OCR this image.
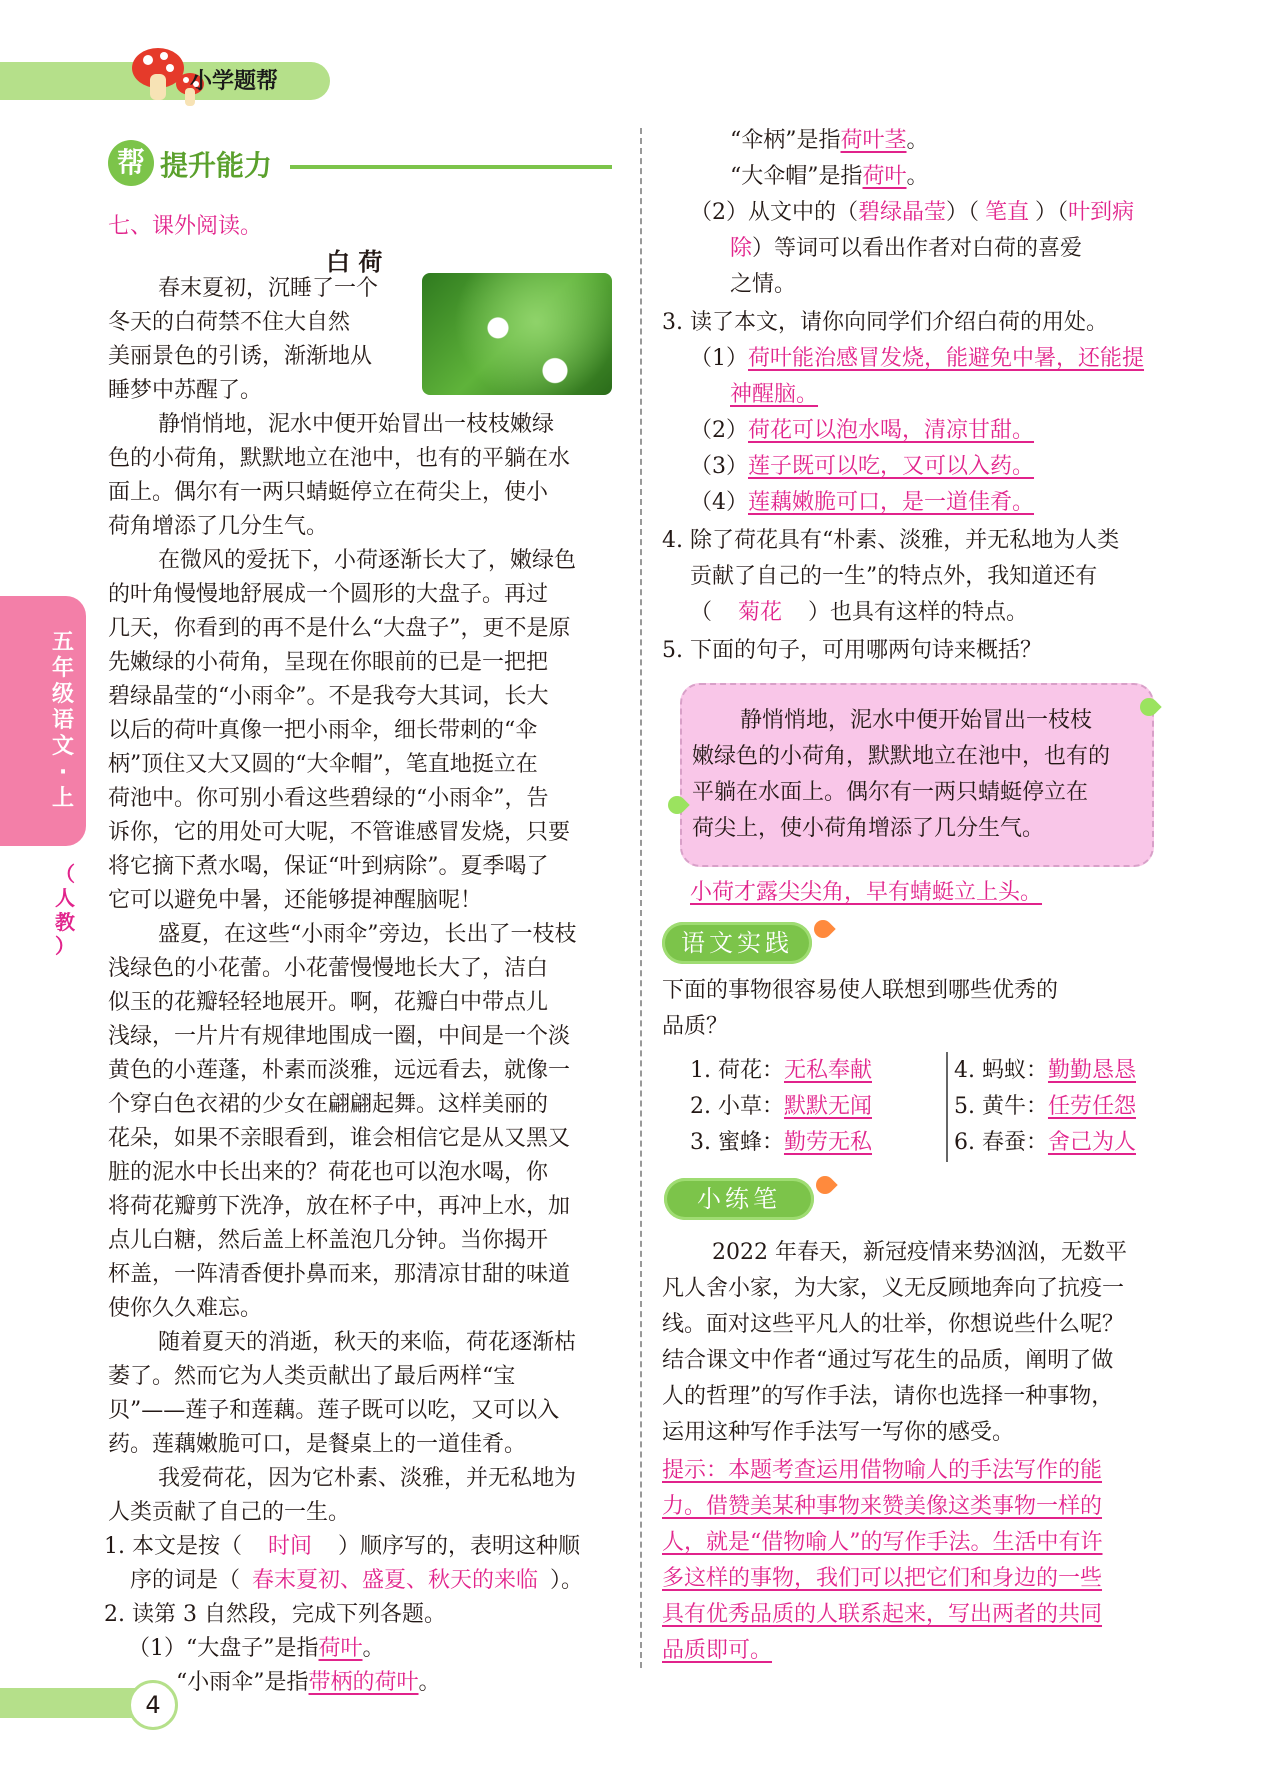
小学题帮
帮 提升能力
五
年
级
语
文
·
上
（
人
教
）
七、课外阅读。
白 荷
春末夏初，沉睡了一个
冬天的白荷禁不住大自然
美丽景色的引诱，渐渐地从
睡梦中苏醒了。
静悄悄地，泥水中便开始冒出一枝枝嫩绿
色的小荷角，默默地立在池中，也有的平躺在水
面上。偶尔有一两只蜻蜓停立在荷尖上，使小
荷角增添了几分生气。
在微风的爱抚下，小荷逐渐长大了，嫩绿色
的叶角慢慢地舒展成一个圆形的大盘子。再过
几天，你看到的再不是什么“大盘子”，更不是原
先嫩绿的小荷角，呈现在你眼前的已是一把把
碧绿晶莹的“小雨伞”。不是我夸大其词，长大
以后的荷叶真像一把小雨伞，细长带刺的“伞
柄”顶住又大又圆的“大伞帽”，笔直地挺立在
荷池中。你可别小看这些碧绿的“小雨伞”，告
诉你，它的用处可大呢，不管谁感冒发烧，只要
将它摘下煮水喝，保证“叶到病除”。夏季喝了
它可以避免中暑，还能够提神醒脑呢！
盛夏，在这些“小雨伞”旁边，长出了一枝枝
浅绿色的小花蕾。小花蕾慢慢地长大了，洁白
似玉的花瓣轻轻地展开。啊，花瓣白中带点儿
浅绿，一片片有规律地围成一圈，中间是一个淡
黄色的小莲蓬，朴素而淡雅，远远看去，就像一
个穿白色衣裙的少女在翩翩起舞。这样美丽的
花朵，如果不亲眼看到，谁会相信它是从又黑又
脏的泥水中长出来的？荷花也可以泡水喝，你
将荷花瓣剪下洗净，放在杯子中，再冲上水，加
点儿白糖，然后盖上杯盖泡几分钟。当你揭开
杯盖，一阵清香便扑鼻而来，那清凉甘甜的味道
使你久久难忘。
随着夏天的消逝，秋天的来临，荷花逐渐枯
萎了。然而它为人类贡献出了最后两样“宝
贝”——莲子和莲藕。莲子既可以吃，又可以入
药。莲藕嫩脆可口，是餐桌上的一道佳肴。
我爱荷花，因为它朴素、淡雅，并无私地为
人类贡献了自己的一生。
1. 本文是按（ 时间 ）顺序写的，表明这种顺
序的词是（ 春末夏初、盛夏、秋天的来临 ）。
2. 读第 3 自然段，完成下列各题。
（1）“大盘子”是指荷叶。
“小雨伞”是指带柄的荷叶。
“伞柄”是指荷叶茎。
“大伞帽”是指荷叶。
（2）从文中的（碧绿晶莹）（ 笔直 ）（叶到病
除）等词可以看出作者对白荷的喜爱
之情。
3. 读了本文，请你向同学们介绍白荷的用处。
（1）荷叶能治感冒发烧，能避免中暑，还能提
神醒脑。
（2）荷花可以泡水喝，清凉甘甜。
（3）莲子既可以吃，又可以入药。
（4）莲藕嫩脆可口，是一道佳肴。
4. 除了荷花具有“朴素、淡雅，并无私地为人类
贡献了自己的一生”的特点外，我知道还有
（ 菊花 ）也具有这样的特点。
5. 下面的句子，可用哪两句诗来概括？
静悄悄地，泥水中便开始冒出一枝枝
嫩绿色的小荷角，默默地立在池中，也有的
平躺在水面上。偶尔有一两只蜻蜓停立在
荷尖上，使小荷角增添了几分生气。
小荷才露尖尖角，早有蜻蜓立上头。
语文实践
下面的事物很容易使人联想到哪些优秀的
品质？
1. 荷花：无私奉献
2. 小草：默默无闻
3. 蜜蜂：勤劳无私
4. 蚂蚁：勤勤恳恳
5. 黄牛：任劳任怨
6. 春蚕：舍己为人
小练笔
2022 年春天，新冠疫情来势汹汹，无数平
凡人舍小家，为大家，义无反顾地奔向了抗疫一
线。面对这些平凡人的壮举，你想说些什么呢？
结合课文中作者“通过写花生的品质，阐明了做
人的哲理”的写作手法，请你也选择一种事物，
运用这种写作手法写一写你的感受。
提示：本题考查运用借物喻人的手法写作的能
力。借赞美某种事物来赞美像这类事物一样的
人，就是“借物喻人”的写作手法。生活中有许
多这样的事物，我们可以把它们和身边的一些
具有优秀品质的人联系起来，写出两者的共同
品质即可。
4
